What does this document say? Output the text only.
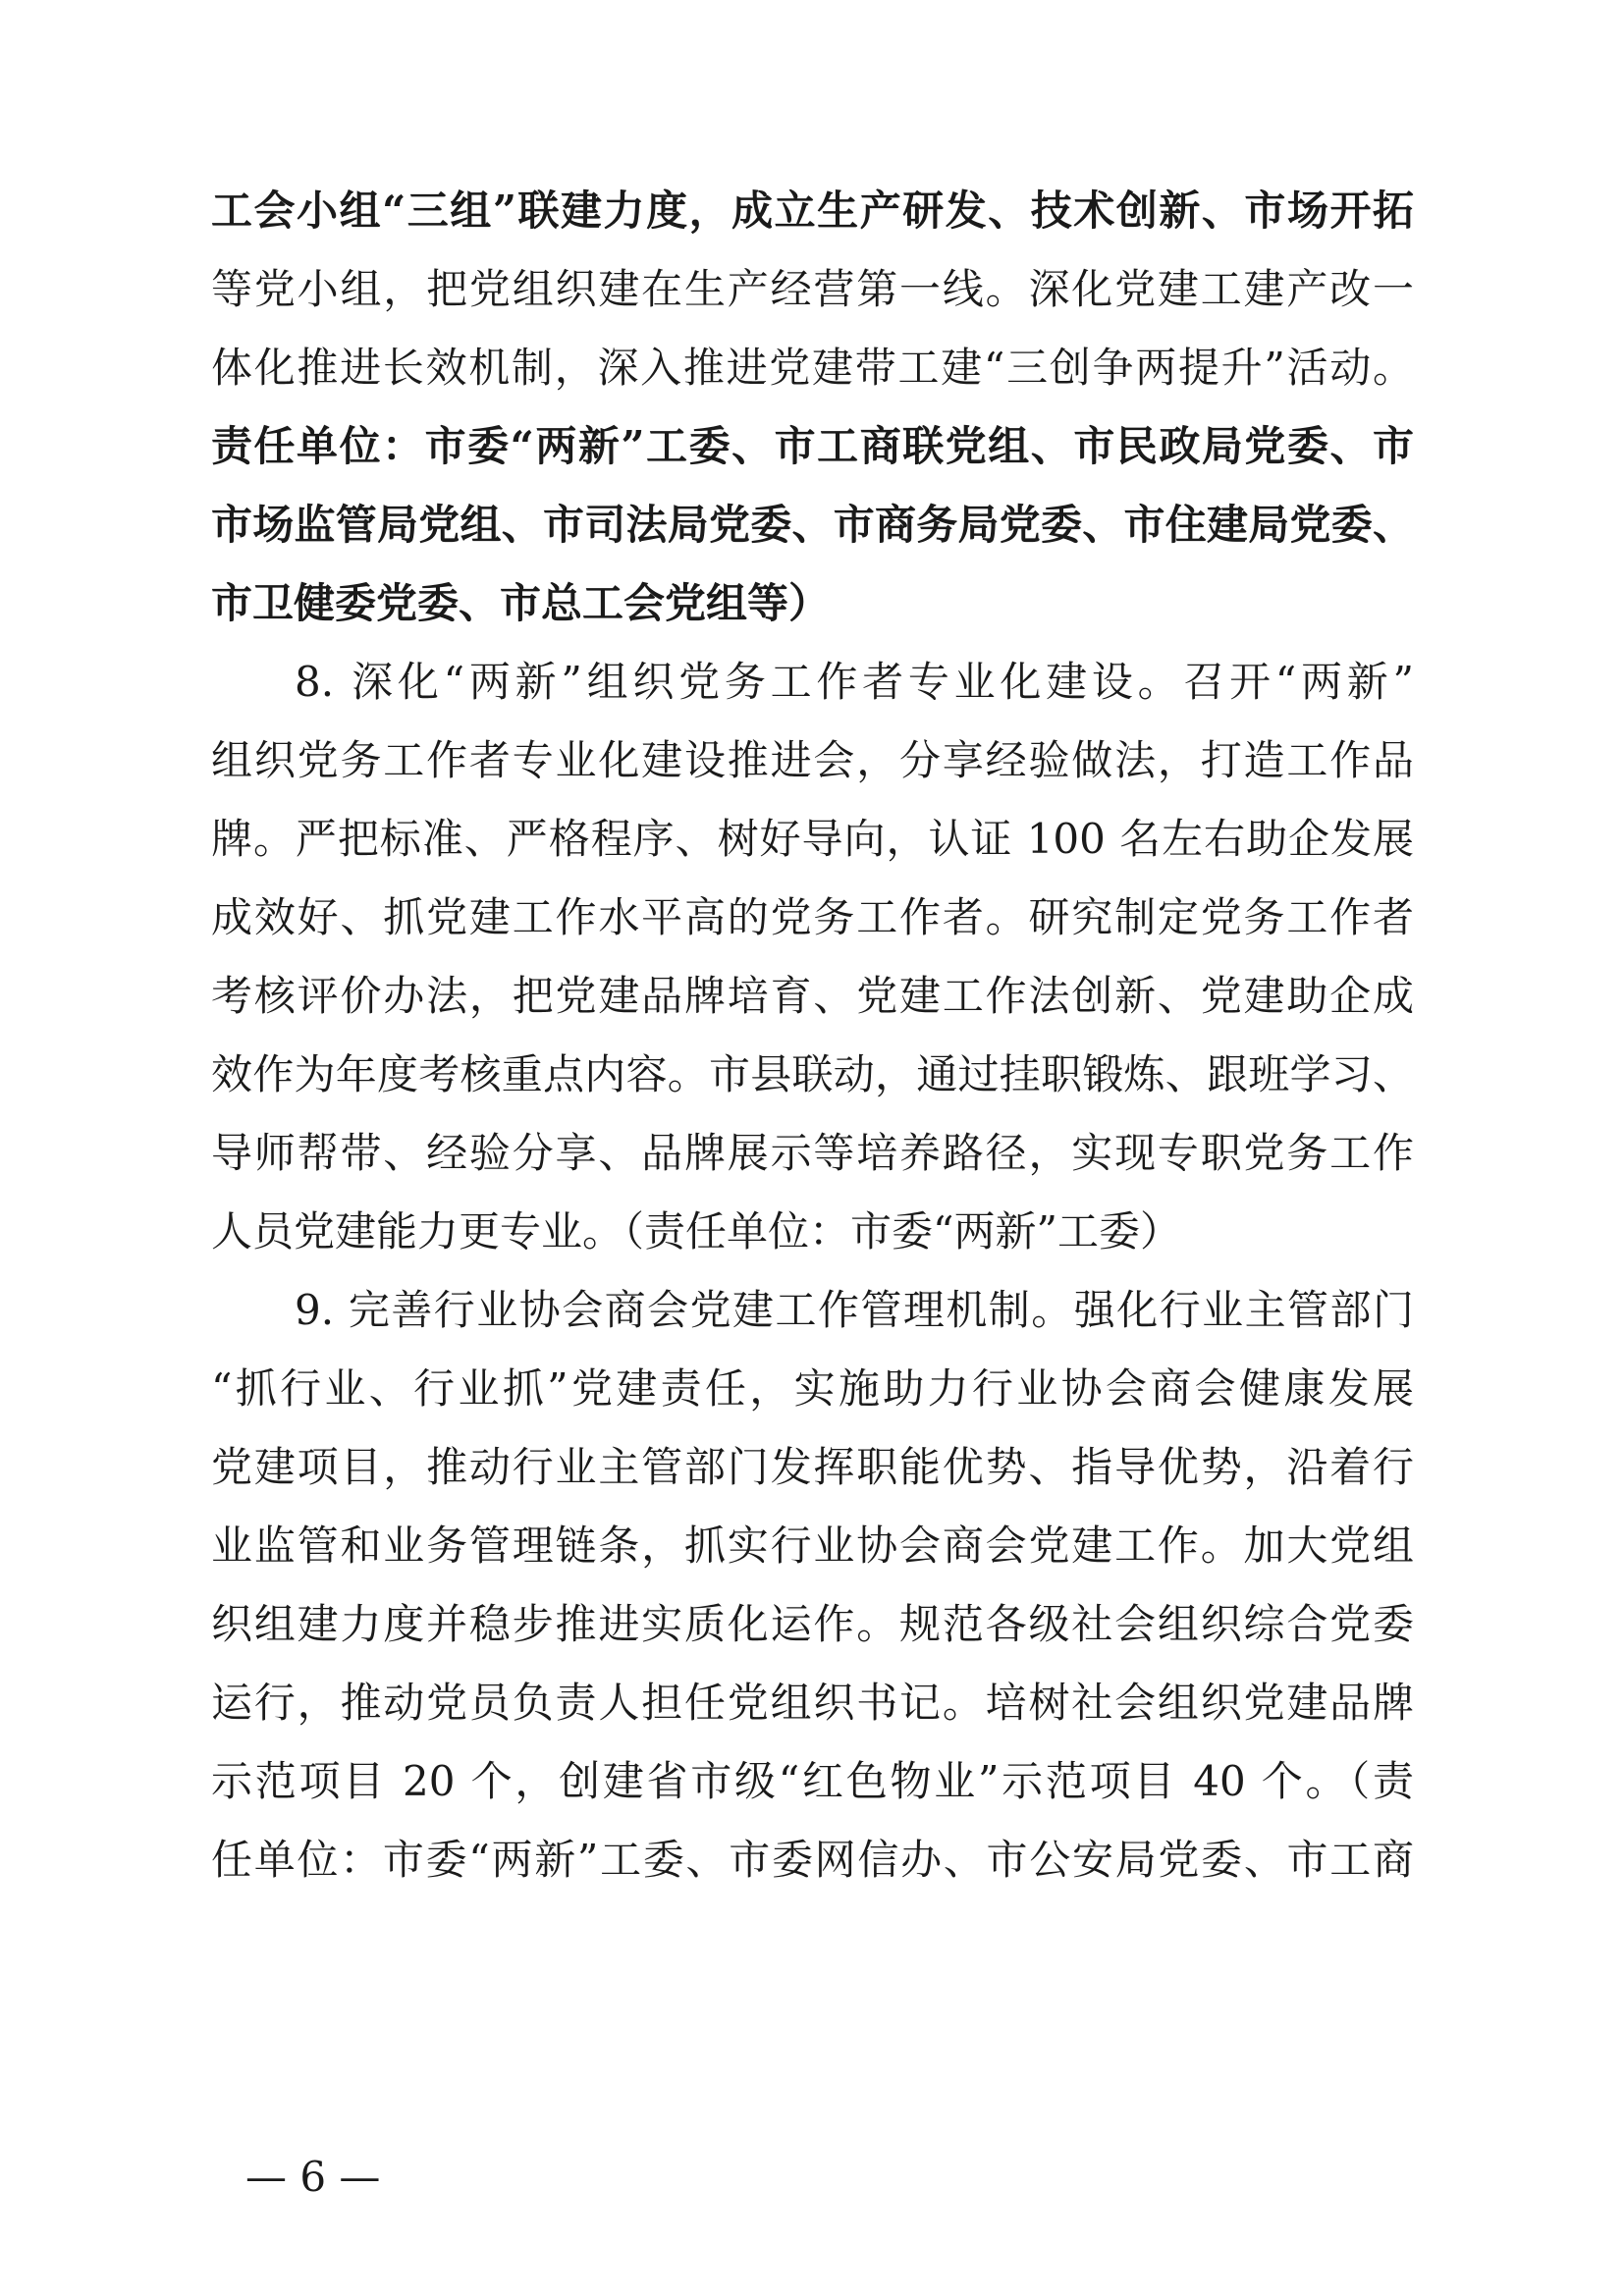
工会小组“三组”联建力度，成立生产研发、技术创新、市场开拓
等党小组，把党组织建在生产经营第一线。深化党建工建产改一
体化推进长效机制，深入推进党建带工建“三创争两提升”活动。
责任单位：市委“两新”工委、市工商联党组、市民政局党委、市
市场监管局党组、市司法局党委、市商务局党委、市住建局党委、
市卫健委党委、市总工会党组等）
8. 深化“两新”组织党务工作者专业化建设。召开“两新”
组织党务工作者专业化建设推进会，分享经验做法，打造工作品
牌。严把标准、严格程序、树好导向，认证 100 名左右助企发展
成效好、抓党建工作水平高的党务工作者。研究制定党务工作者
考核评价办法，把党建品牌培育、党建工作法创新、党建助企成
效作为年度考核重点内容。市县联动，通过挂职锻炼、跟班学习、
导师帮带、经验分享、品牌展示等培养路径，实现专职党务工作
人员党建能力更专业。（责任单位：市委“两新”工委）
9. 完善行业协会商会党建工作管理机制。强化行业主管部门
“抓行业、行业抓”党建责任，实施助力行业协会商会健康发展
党建项目，推动行业主管部门发挥职能优势、指导优势，沿着行
业监管和业务管理链条，抓实行业协会商会党建工作。加大党组
织组建力度并稳步推进实质化运作。规范各级社会组织综合党委
运行，推动党员负责人担任党组织书记。培树社会组织党建品牌
示范项目 20 个，创建省市级“红色物业”示范项目 40 个。（责
任单位：市委“两新”工委、市委网信办、市公安局党委、市工商
— 6 —
